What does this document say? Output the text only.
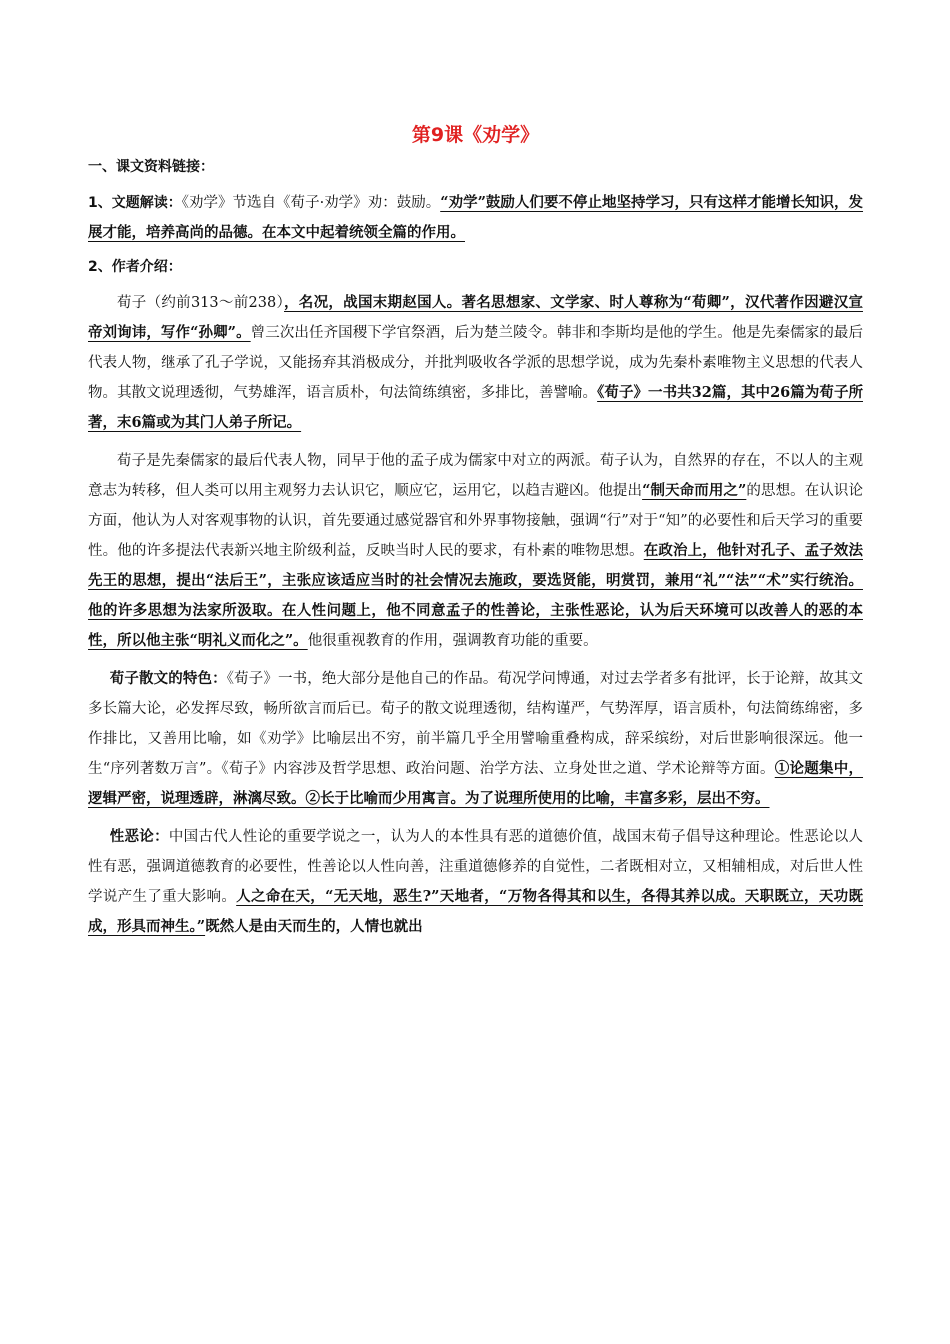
第9课《劝学》
一、课文资料链接：

1、文题解读：《劝学》节选自《荀子·劝学》劝：鼓励。“劝学”鼓励人们要不停止地坚持学习，只有这样才能增长知识，发展才能，培养高尚的品德。在本文中起着统领全篇的作用。

2、作者介绍：

荀子（约前313～前238），名况，战国末期赵国人。著名思想家、文学家、时人尊称为“荀卿”，汉代著作因避汉宣帝刘询讳，写作“孙卿”。曾三次出任齐国稷下学官祭酒，后为楚兰陵令。韩非和李斯均是他的学生。他是先秦儒家的最后代表人物，继承了孔子学说，又能扬弃其消极成分，并批判吸收各学派的思想学说，成为先秦朴素唯物主义思想的代表人物。其散文说理透彻，气势雄浑，语言质朴，句法简练缜密，多排比，善譬喻。《荀子》一书共32篇，其中26篇为荀子所著，末6篇或为其门人弟子所记。

荀子是先秦儒家的最后代表人物，同早于他的孟子成为儒家中对立的两派。荀子认为，自然界的存在，不以人的主观意志为转移，但人类可以用主观努力去认识它，顺应它，运用它，以趋吉避凶。他提出“制天命而用之”的思想。在认识论方面，他认为人对客观事物的认识，首先要通过感觉器官和外界事物接触，强调“行”对于“知”的必要性和后天学习的重要性。他的许多提法代表新兴地主阶级利益，反映当时人民的要求，有朴素的唯物思想。在政治上，他针对孔子、孟子效法先王的思想，提出“法后王”，主张应该适应当时的社会情况去施政，要选贤能，明赏罚，兼用“礼”“法”“术”实行统治。他的许多思想为法家所汲取。在人性问题上，他不同意孟子的性善论，主张性恶论，认为后天环境可以改善人的恶的本性，所以他主张“明礼义而化之”。他很重视教育的作用，强调教育功能的重要。

荀子散文的特色：《荀子》一书，绝大部分是他自己的作品。荀况学问博通，对过去学者多有批评，长于论辩，故其文多长篇大论，必发挥尽致，畅所欲言而后已。荀子的散文说理透彻，结构谨严，气势浑厚，语言质朴，句法简练绵密，多作排比，又善用比喻，如《劝学》比喻层出不穷，前半篇几乎全用譬喻重叠构成，辞采缤纷，对后世影响很深远。他一生“序列著数万言”。《荀子》内容涉及哲学思想、政治问题、治学方法、立身处世之道、学术论辩等方面。①论题集中，逻辑严密，说理透辟，淋漓尽致。②长于比喻而少用寓言。为了说理所使用的比喻，丰富多彩，层出不穷。

性恶论：中国古代人性论的重要学说之一，认为人的本性具有恶的道德价值，战国末荀子倡导这种理论。性恶论以人性有恶，强调道德教育的必要性，性善论以人性向善，注重道德修养的自觉性，二者既相对立，又相辅相成，对后世人性学说产生了重大影响。人之命在天，“无天地，恶生?”天地者，“万物各得其和以生，各得其养以成。天职既立，天功既成，形具而神生。”既然人是由天而生的，人情也就出
